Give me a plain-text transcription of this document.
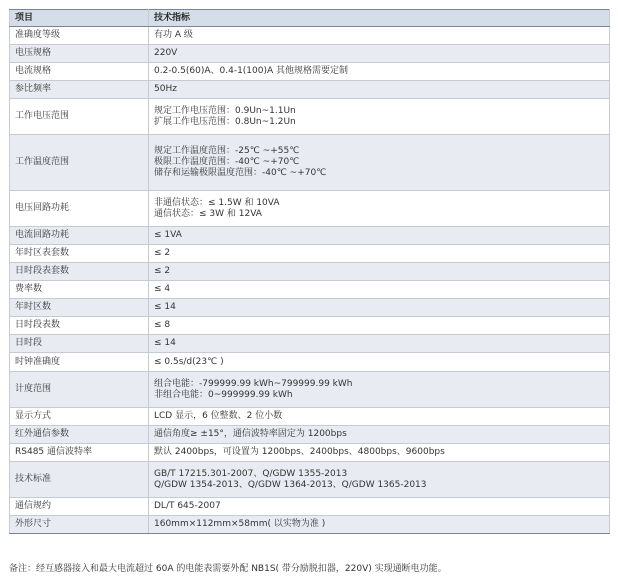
项目	技术指标
准确度等级	有功 A 级

电压规格	220V

电流规格	0.2-0.5(60)A、0.4-1(100)A 其他规格需要定制

参比频率	50Hz

工作电压范围	规定工作电压范围：0.9Un~1.1Un
扩展工作电压范围：0.8Un~1.2Un

工作温度范围	规定工作温度范围：-25℃ ~+55℃
极限工作温度范围：-40℃ ~+70℃
储存和运输极限温度范围：-40℃ ~+70℃

电压回路功耗	非通信状态：≤ 1.5W 和 10VA
通信状态：≤ 3W 和 12VA

电流回路功耗	≤ 1VA

年时区表套数	≤ 2

日时段表套数	≤ 2

费率数	≤ 4

年时区数	≤ 14

日时段表数	≤ 8

日时段	≤ 14

时钟准确度	≤ 0.5s/d(23℃ )

计度范围	组合电能：-799999.99 kWh~799999.99 kWh
非组合电能：0~999999.99 kWh

显示方式	LCD 显示，6 位整数、2 位小数

红外通信参数	通信角度≥ ±15°，通信波特率固定为 1200bps

RS485 通信波特率	默认 2400bps，可设置为 1200bps、2400bps、4800bps、9600bps

技术标准	GB/T 17215.301-2007、Q/GDW 1355-2013
Q/GDW 1354-2013、Q/GDW 1364-2013、Q/GDW 1365-2013

通信规约	DL/T 645-2007

外形尺寸	160mm×112mm×58mm( 以实物为准 )
备注：经互感器接入和最大电流超过 60A 的电能表需要外配 NB1S( 带分励脱扣器，220V) 实现通断电功能。
